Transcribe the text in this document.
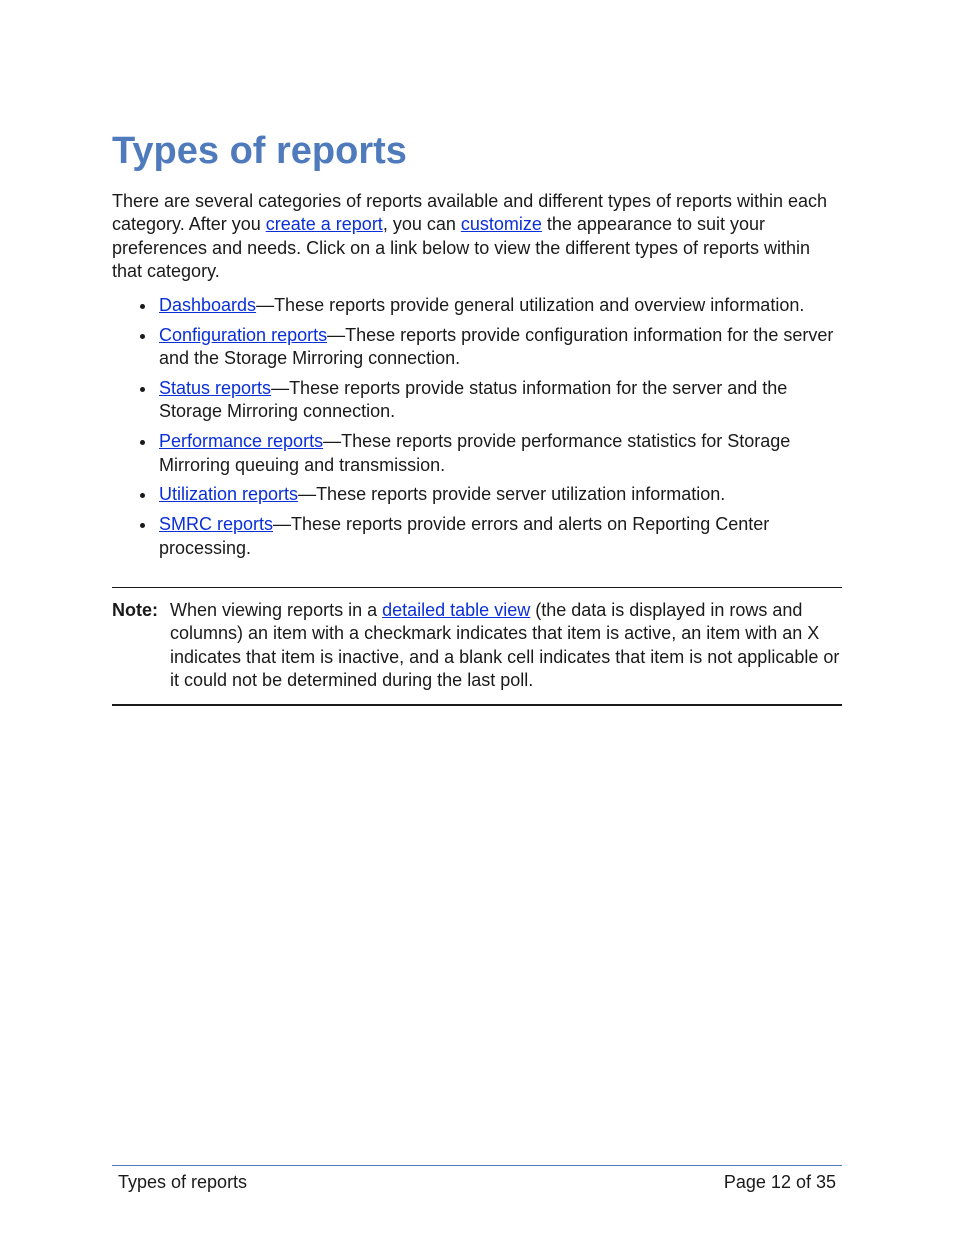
Types of reports

There are several categories of reports available and different types of reports within each category. After you create a report, you can customize the appearance to suit your preferences and needs. Click on a link below to view the different types of reports within that category.

Dashboards—These reports provide general utilization and overview information.
Configuration reports—These reports provide configuration information for the server and the Storage Mirroring connection.
Status reports—These reports provide status information for the server and the Storage Mirroring connection.
Performance reports—These reports provide performance statistics for Storage Mirroring queuing and transmission.
Utilization reports—These reports provide server utilization information.
SMRC reports—These reports provide errors and alerts on Reporting Center processing.
Note: When viewing reports in a detailed table view (the data is displayed in rows and columns) an item with a checkmark indicates that item is active, an item with an X indicates that item is inactive, and a blank cell indicates that item is not applicable or it could not be determined during the last poll.
Types of reports	Page 12 of 35
